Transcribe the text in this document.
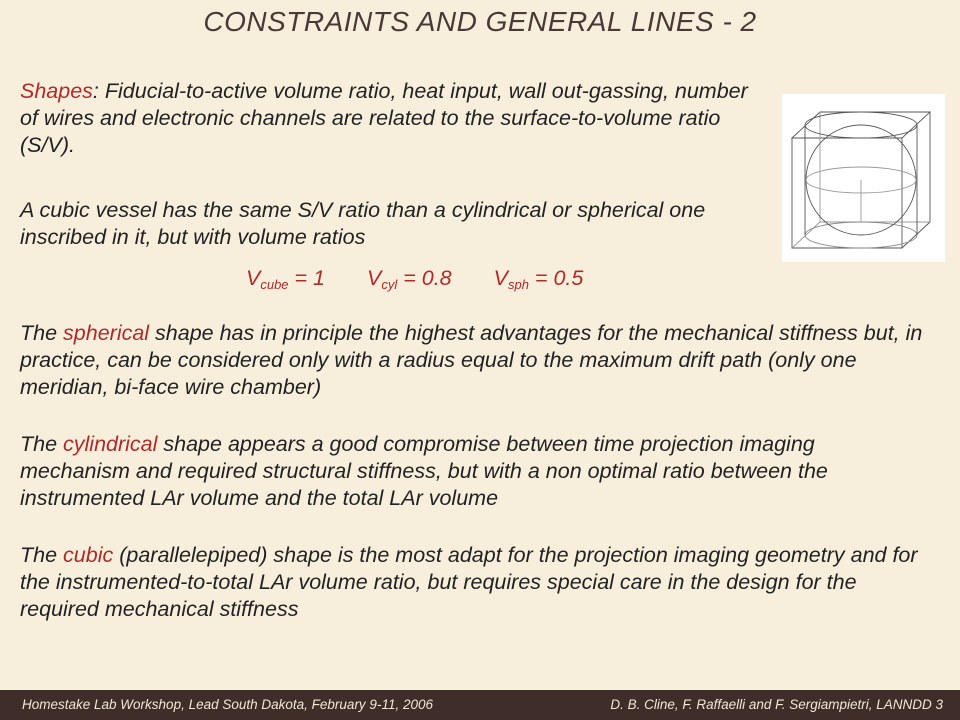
CONSTRAINTS AND GENERAL LINES - 2
Shapes: Fiducial-to-active volume ratio, heat input, wall out-gassing, number of wires and electronic channels are related to the surface-to-volume ratio (S/V).
A cubic vessel has the same S/V ratio than a cylindrical or spherical one inscribed in it, but with volume ratios
$V_{cube} = 1$ $V_{cyl} = 0.8$ $V_{sph} = 0.5$
The spherical shape has in principle the highest advantages for the mechanical stiffness but, in practice, can be considered only with a radius equal to the maximum drift path (only one meridian, bi-face wire chamber)
The cylindrical shape appears a good compromise between time projection imaging mechanism and required structural stiffness, but with a non optimal ratio between the instrumented LAr volume and the total LAr volume
The cubic (parallelepiped) shape is the most adapt for the projection imaging geometry and for the instrumented-to-total LAr volume ratio, but requires special care in the design for the required mechanical stiffness
Homestake Lab Workshop, Lead South Dakota, February 9-11, 2006	D. B. Cline, F. Raffaelli and F. Sergiampietri, LANNDD 3
